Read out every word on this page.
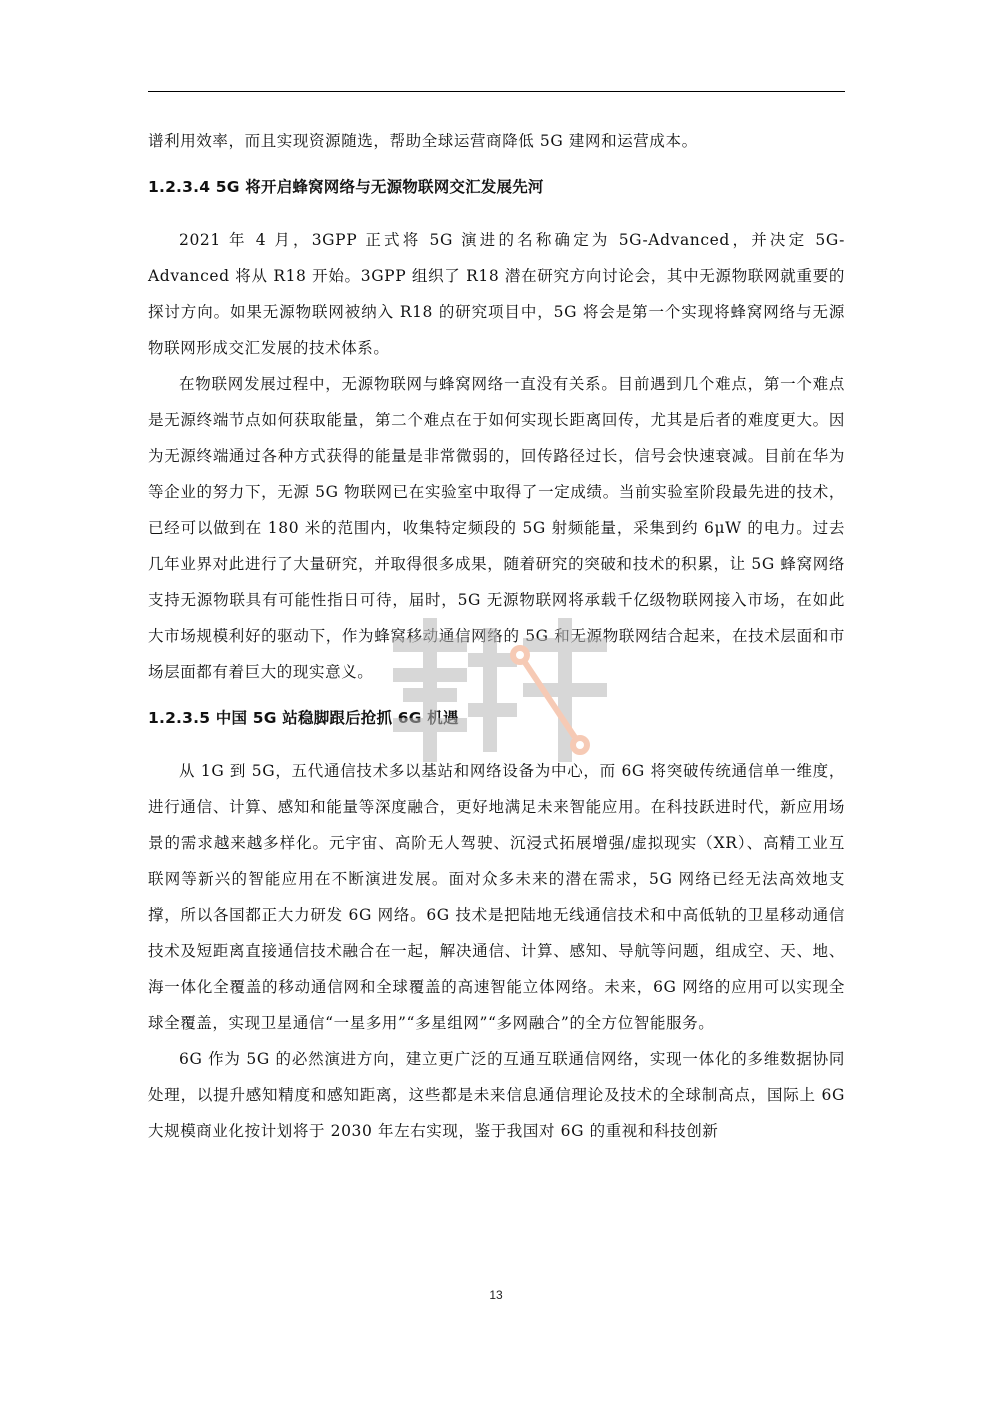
谱利用效率，而且实现资源随选，帮助全球运营商降低 5G 建网和运营成本。

1.2.3.4 5G 将开启蜂窝网络与无源物联网交汇发展先河

2021 年 4 月，3GPP 正式将 5G 演进的名称确定为 5G-Advanced，并决定 5G-Advanced 将从 R18 开始。3GPP 组织了 R18 潜在研究方向讨论会，其中无源物联网就重要的探讨方向。如果无源物联网被纳入 R18 的研究项目中，5G 将会是第一个实现将蜂窝网络与无源物联网形成交汇发展的技术体系。

在物联网发展过程中，无源物联网与蜂窝网络一直没有关系。目前遇到几个难点，第一个难点是无源终端节点如何获取能量，第二个难点在于如何实现长距离回传，尤其是后者的难度更大。因为无源终端通过各种方式获得的能量是非常微弱的，回传路径过长，信号会快速衰减。目前在华为等企业的努力下，无源 5G 物联网已在实验室中取得了一定成绩。当前实验室阶段最先进的技术，已经可以做到在 180 米的范围内，收集特定频段的 5G 射频能量，采集到约 6μW 的电力。过去几年业界对此进行了大量研究，并取得很多成果，随着研究的突破和技术的积累，让 5G 蜂窝网络支持无源物联具有可能性指日可待，届时，5G 无源物联网将承载千亿级物联网接入市场，在如此大市场规模利好的驱动下，作为蜂窝移动通信网络的 5G 和无源物联网结合起来，在技术层面和市场层面都有着巨大的现实意义。

1.2.3.5 中国 5G 站稳脚跟后抢抓 6G 机遇

从 1G 到 5G，五代通信技术多以基站和网络设备为中心，而 6G 将突破传统通信单一维度，进行通信、计算、感知和能量等深度融合，更好地满足未来智能应用。在科技跃进时代，新应用场景的需求越来越多样化。元宇宙、高阶无人驾驶、沉浸式拓展增强/虚拟现实（XR）、高精工业互联网等新兴的智能应用在不断演进发展。面对众多未来的潜在需求，5G 网络已经无法高效地支撑，所以各国都正大力研发 6G 网络。6G 技术是把陆地无线通信技术和中高低轨的卫星移动通信技术及短距离直接通信技术融合在一起，解决通信、计算、感知、导航等问题，组成空、天、地、海一体化全覆盖的移动通信网和全球覆盖的高速智能立体网络。未来，6G 网络的应用可以实现全球全覆盖，实现卫星通信“一星多用”“多星组网”“多网融合”的全方位智能服务。

6G 作为 5G 的必然演进方向，建立更广泛的互通互联通信网络，实现一体化的多维数据协同处理，以提升感知精度和感知距离，这些都是未来信息通信理论及技术的全球制高点，国际上 6G 大规模商业化按计划将于 2030 年左右实现，鉴于我国对 6G 的重视和科技创新

13
